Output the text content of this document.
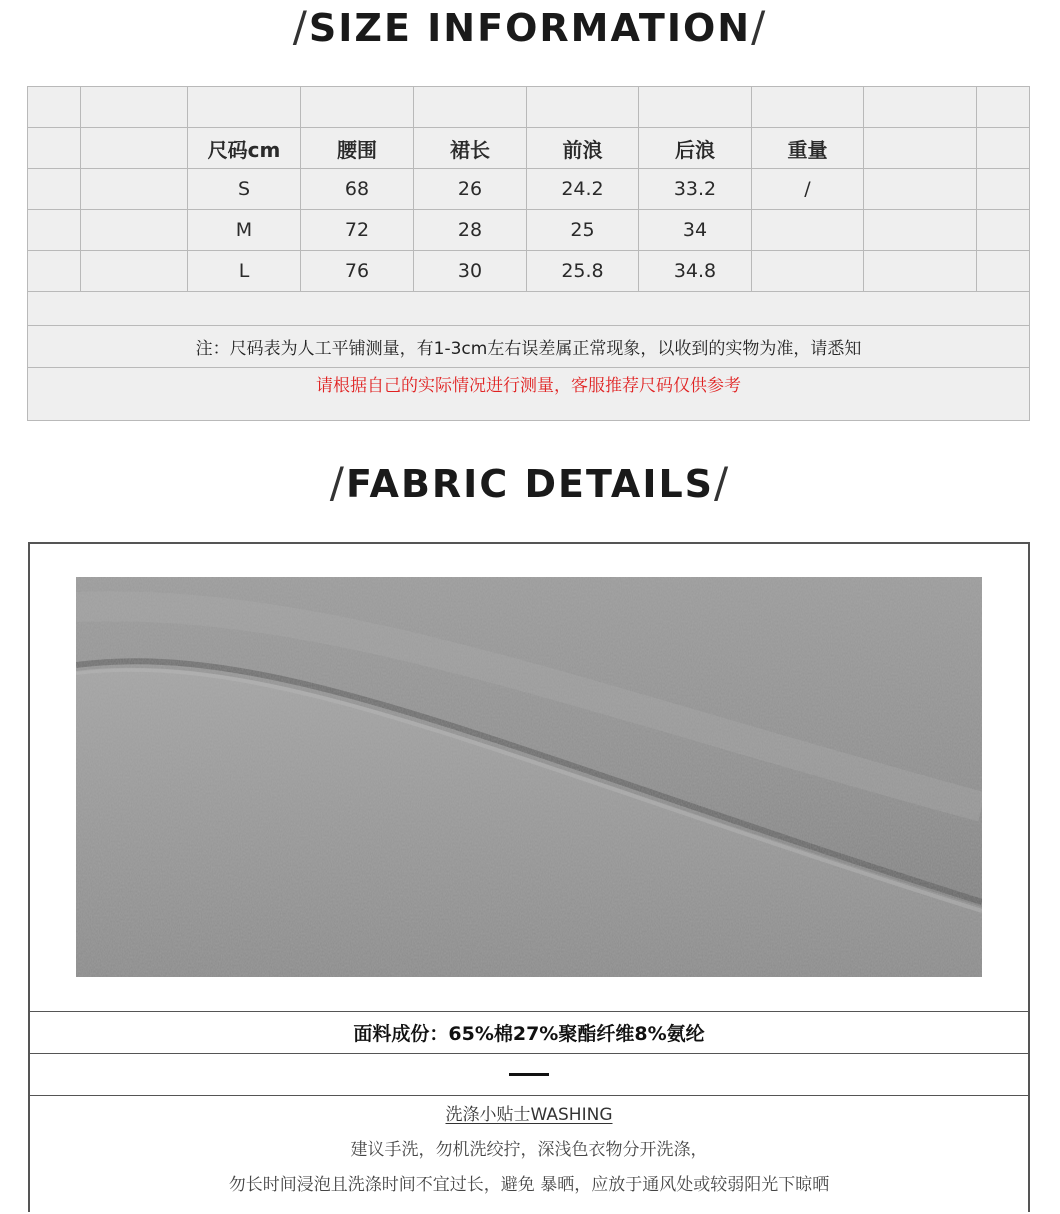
/SIZE INFORMATION/
尺码cm	腰围	裙长	前浪	后浪	重量
S	68	26	24.2	33.2	/
M	72	28	25	34
L	76	30	25.8	34.8
注：尺码表为人工平铺测量，有1-3cm左右误差属正常现象，以收到的实物为准，请悉知
请根据自己的实际情况进行测量，客服推荐尺码仅供参考
/FABRIC DETAILS/
面料成份：65%棉27%聚酯纤维8%氨纶
洗涤小贴士WASHING
建议手洗，勿机洗绞拧，深浅色衣物分开洗涤，
勿长时间浸泡且洗涤时间不宜过长，避免 暴晒，应放于通风处或较弱阳光下晾晒
